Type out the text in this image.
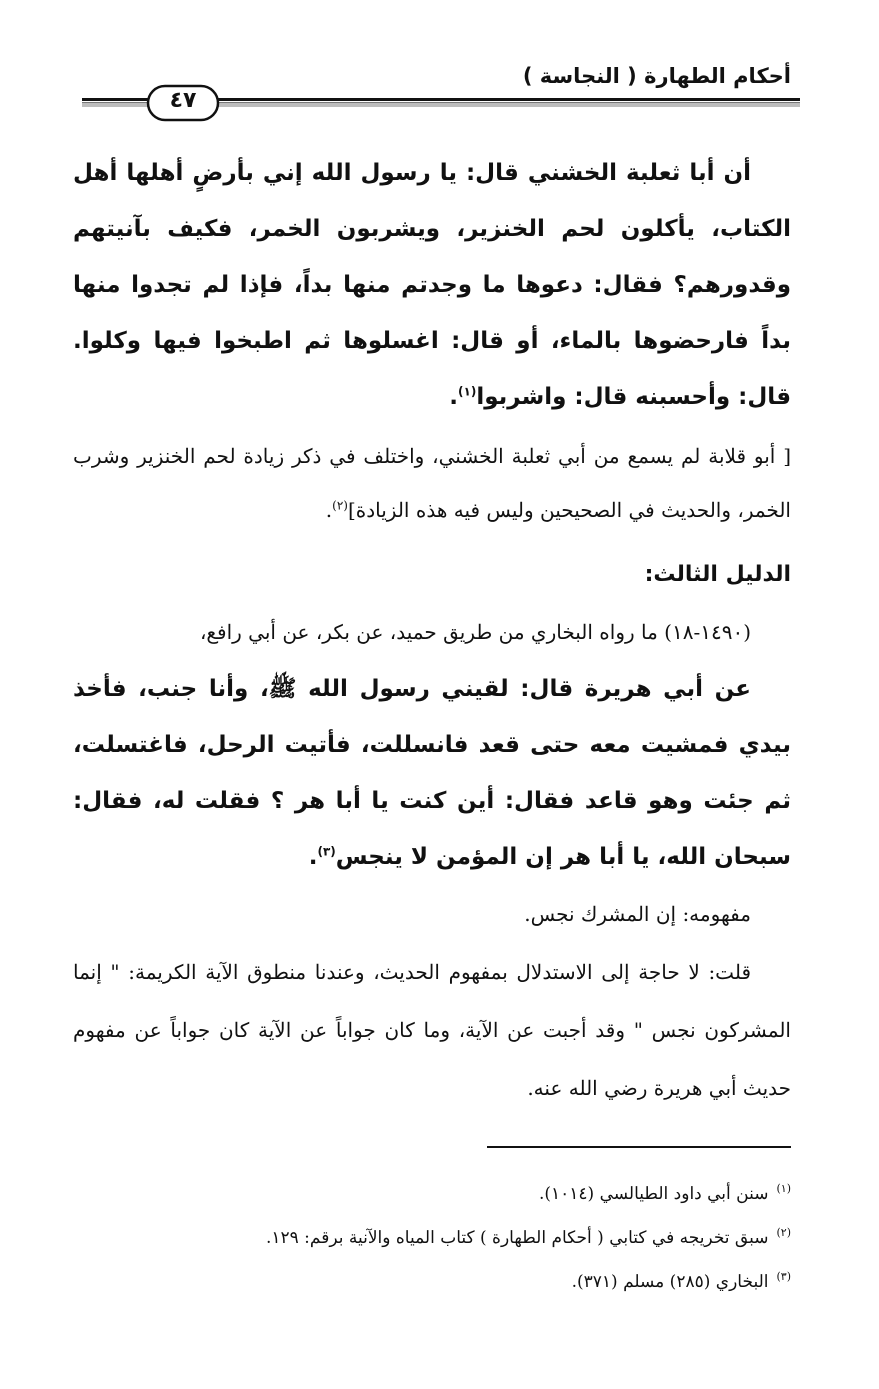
أحكام الطهارة ( النجاسة )
٤٧

أن أبا ثعلبة الخشني قال: يا رسول الله إني بأرضٍ أهلها أهل الكتاب، يأكلون لحم الخنزير، ويشربون الخمر، فكيف بآنيتهم وقدورهم؟ فقال: دعوها ما وجدتم منها بداً، فإذا لم تجدوا منها بداً فارحضوها بالماء، أو قال: اغسلوها ثم اطبخوا فيها وكلوا. قال: وأحسبنه قال: واشربوا$^{(١)}$.

[ أبو قلابة لم يسمع من أبي ثعلبة الخشني، واختلف في ذكر زيادة لحم الخنزير وشرب الخمر، والحديث في الصحيحين وليس فيه هذه الزيادة]$^{(٢)}$.

الدليل الثالث:

(١٤٩٠-١٨) ما رواه البخاري من طريق حميد، عن بكر، عن أبي رافع،

عن أبي هريرة قال: لقيني رسول الله ﷺ، وأنا جنب، فأخذ بيدي فمشيت معه حتى قعد فانسللت، فأتيت الرحل، فاغتسلت، ثم جئت وهو قاعد فقال: أين كنت يا أبا هر ؟ فقلت له، فقال: سبحان الله، يا أبا هر إن المؤمن لا ينجس$^{(٣)}$.

مفهومه: إن المشرك نجس.

قلت: لا حاجة إلى الاستدلال بمفهوم الحديث، وعندنا منطوق الآية الكريمة: " إنما المشركون نجس " وقد أجبت عن الآية، وما كان جواباً عن الآية كان جواباً عن مفهوم حديث أبي هريرة رضي الله عنه.

$^{(١)}$سنن أبي داود الطيالسي (١٠١٤).

$^{(٢)}$سبق تخريجه في كتابي ( أحكام الطهارة ) كتاب المياه والآنية برقم: ١٢٩.

$^{(٣)}$البخاري (٢٨٥) مسلم (٣٧١).
